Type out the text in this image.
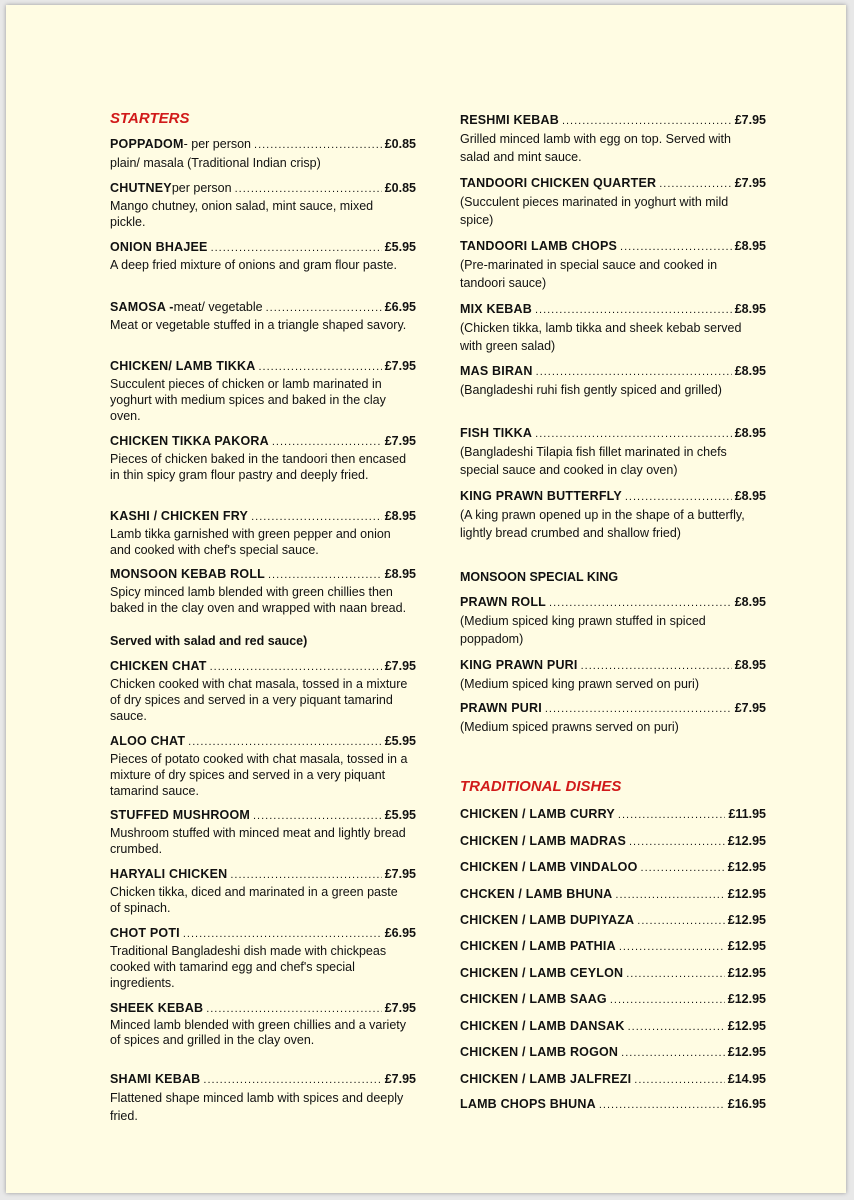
STARTERS
POPPADOM - per person .....	£0.85

plain/ masala (Traditional Indian crisp)

CHUTNEY per person .....	£0.85

Mango chutney, onion salad, mint sauce, mixed pickle.

ONION BHAJEE .....	£5.95

A deep fried mixture of onions and gram flour paste.

SAMOSA - meat/ vegetable .....	£6.95

Meat or vegetable stuffed in a triangle shaped savory.

CHICKEN/ LAMB TIKKA .....	£7.95

Succulent pieces of chicken or lamb marinated in yoghurt with medium spices and baked in the clay oven.

CHICKEN TIKKA PAKORA .....	£7.95

Pieces of chicken baked in the tandoori then encased in thin spicy gram flour pastry and deeply fried.

KASHI / CHICKEN FRY .....	£8.95

Lamb tikka garnished with green pepper and onion and cooked with chef's special sauce.

MONSOON KEBAB ROLL .....	£8.95

Spicy minced lamb blended with green chillies then baked in the clay oven and wrapped with naan bread.

Served with salad and red sauce)
CHICKEN CHAT .....	£7.95

Chicken cooked with chat masala, tossed in a mixture of dry spices and served in a very piquant tamarind sauce.

ALOO CHAT .....	£5.95

Pieces of potato cooked with chat masala, tossed in a mixture of dry spices and served in a very piquant tamarind sauce.

STUFFED MUSHROOM .....	£5.95

Mushroom stuffed with minced meat and lightly bread crumbed.

HARYALI CHICKEN .....	£7.95

Chicken tikka, diced and marinated in a green paste of spinach.

CHOT POTI .....	£6.95

Traditional Bangladeshi dish made with chickpeas cooked with tamarind egg and chef's special ingredients.

SHEEK KEBAB .....	£7.95

Minced lamb blended with green chillies and a variety of spices and grilled in the clay oven.

SHAMI KEBAB .....	£7.95

Flattened shape minced lamb with spices and deeply fried.

RESHMI KEBAB .....	£7.95

Grilled minced lamb with egg on top. Served with salad and mint sauce.

TANDOORI CHICKEN QUARTER .....	£7.95

(Succulent pieces marinated in yoghurt with mild spice)

TANDOORI LAMB CHOPS .....	£8.95

(Pre-marinated in special sauce and cooked in tandoori sauce)

MIX KEBAB .....	£8.95

(Chicken tikka, lamb tikka and sheek kebab served with green salad)

MAS BIRAN .....	£8.95

(Bangladeshi ruhi fish gently spiced and grilled)

FISH TIKKA .....	£8.95

(Bangladeshi Tilapia fish fillet marinated in chefs special sauce and cooked in clay oven)

KING PRAWN BUTTERFLY .....	£8.95

(A king prawn opened up in the shape of a butterfly, lightly bread crumbed and shallow fried)

MONSOON SPECIAL KING
PRAWN ROLL .....	£8.95

(Medium spiced king prawn stuffed in spiced poppadom)

KING PRAWN PURI .....	£8.95

(Medium spiced king prawn served on puri)

PRAWN PURI .....	£7.95

(Medium spiced prawns served on puri)

TRADITIONAL DISHES
CHICKEN / LAMB CURRY .....	£11.95
CHICKEN / LAMB MADRAS .....	£12.95
CHICKEN / LAMB VINDALOO .....	£12.95
CHCKEN / LAMB BHUNA .....	£12.95
CHICKEN / LAMB DUPIYAZA .....	£12.95
CHICKEN / LAMB PATHIA .....	£12.95
CHICKEN / LAMB CEYLON .....	£12.95
CHICKEN / LAMB SAAG .....	£12.95
CHICKEN / LAMB DANSAK .....	£12.95
CHICKEN / LAMB ROGON .....	£12.95
CHICKEN / LAMB JALFREZI .....	£14.95
LAMB CHOPS BHUNA .....	£16.95
